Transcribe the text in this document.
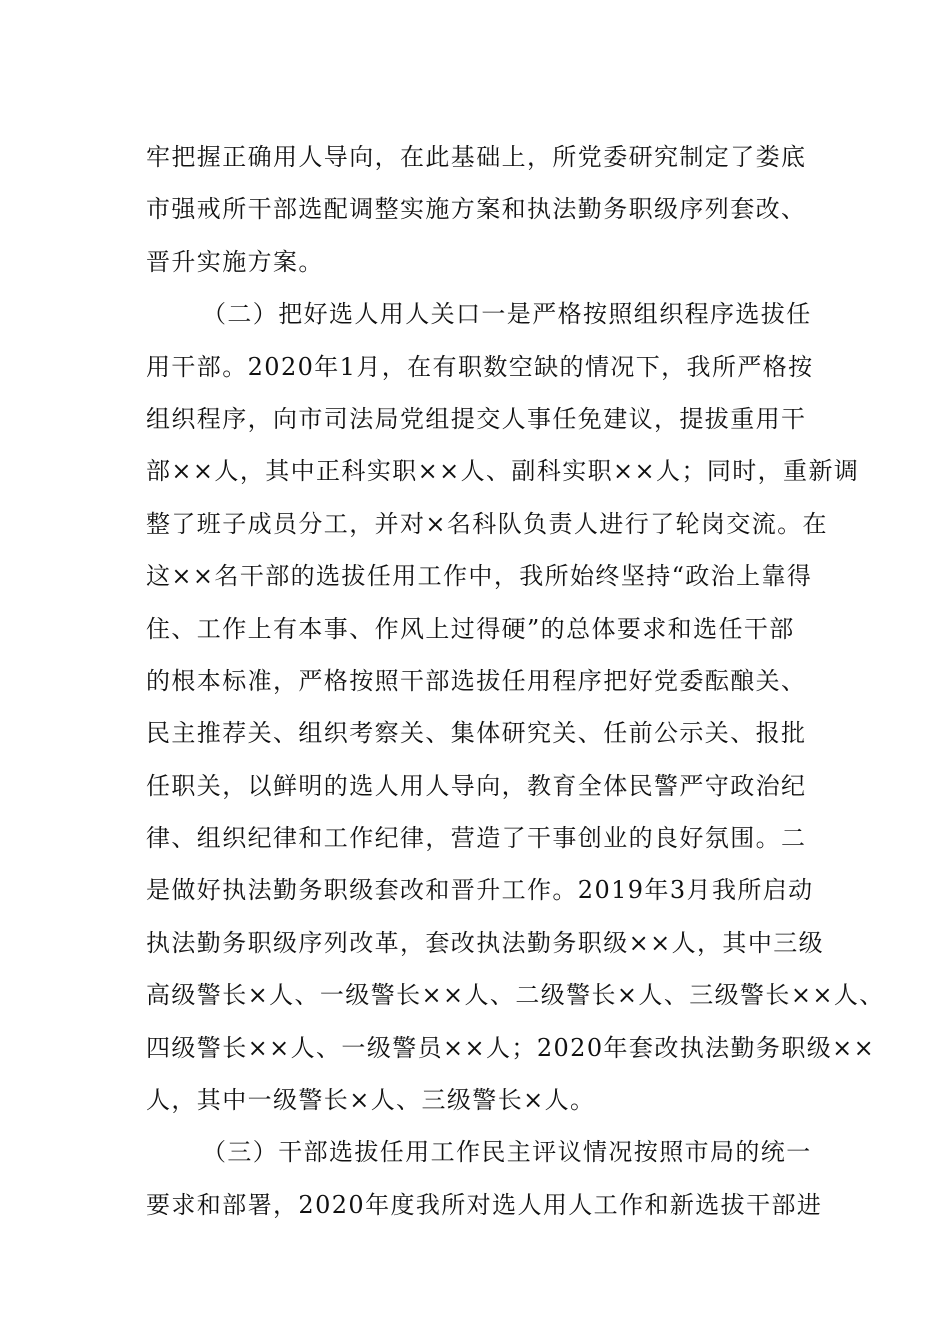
牢把握正确用人导向，在此基础上，所党委研究制定了娄底
市强戒所干部选配调整实施方案和执法勤务职级序列套改、
晋升实施方案。
（二）把好选人用人关口一是严格按照组织程序选拔任
用干部。2020年1月，在有职数空缺的情况下，我所严格按
组织程序，向市司法局党组提交人事任免建议，提拔重用干
部××人，其中正科实职××人、副科实职××人；同时，重新调
整了班子成员分工，并对×名科队负责人进行了轮岗交流。在
这××名干部的选拔任用工作中，我所始终坚持“政治上靠得
住、工作上有本事、作风上过得硬”的总体要求和选任干部
的根本标准，严格按照干部选拔任用程序把好党委酝酿关、
民主推荐关、组织考察关、集体研究关、任前公示关、报批
任职关，以鲜明的选人用人导向，教育全体民警严守政治纪
律、组织纪律和工作纪律，营造了干事创业的良好氛围。二
是做好执法勤务职级套改和晋升工作。2019年3月我所启动
执法勤务职级序列改革，套改执法勤务职级××人，其中三级
高级警长×人、一级警长××人、二级警长×人、三级警长××人、
四级警长××人、一级警员××人；2020年套改执法勤务职级××
人，其中一级警长×人、三级警长×人。
（三）干部选拔任用工作民主评议情况按照市局的统一
要求和部署，2020年度我所对选人用人工作和新选拔干部进
